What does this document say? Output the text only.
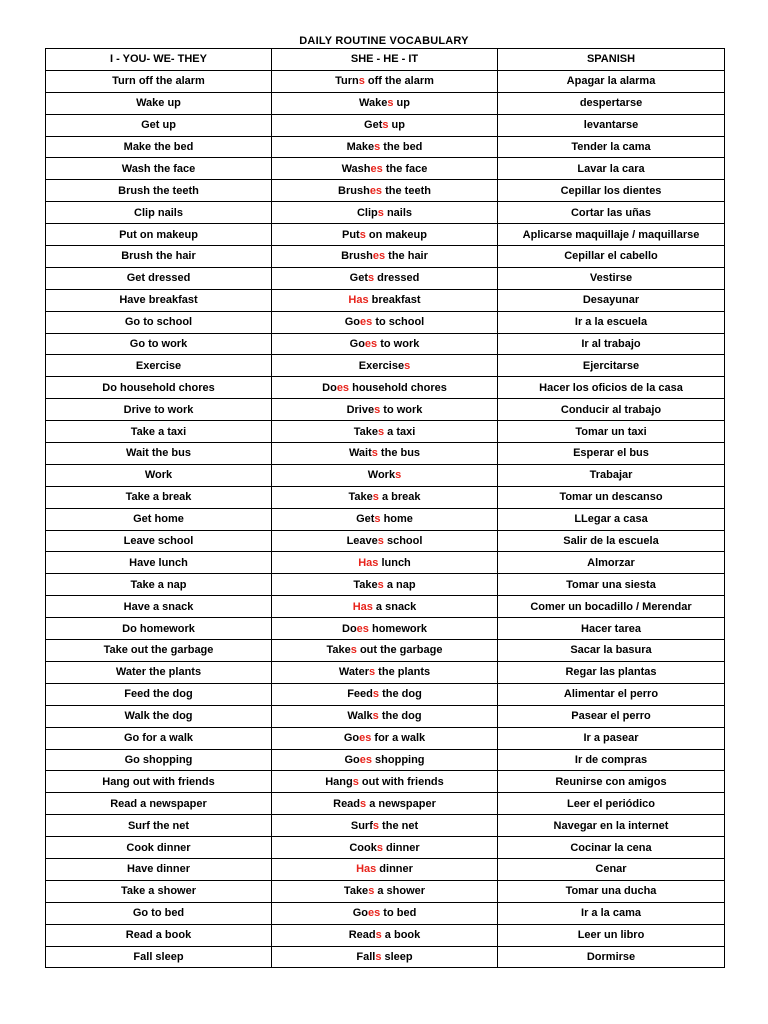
DAILY ROUTINE VOCABULARY
I - YOU- WE- THEY	SHE - HE - IT	SPANISH
Turn off the alarm	Turns off the alarm	Apagar la alarma
Wake up	Wakes up	despertarse
Get up	Gets up	levantarse
Make the bed	Makes the bed	Tender la cama
Wash the face	Washes the face	Lavar la cara
Brush the teeth	Brushes the teeth	Cepillar los dientes
Clip nails	Clips nails	Cortar las uñas
Put on makeup	Puts on makeup	Aplicarse maquillaje / maquillarse
Brush the hair	Brushes the hair	Cepillar el cabello
Get dressed	Gets dressed	Vestirse
Have breakfast	Has breakfast	Desayunar
Go to school	Goes to school	Ir a la escuela
Go to work	Goes to work	Ir al trabajo
Exercise	Exercises	Ejercitarse
Do household chores	Does household chores	Hacer los oficios de la casa
Drive to work	Drives to work	Conducir al trabajo
Take a taxi	Takes a taxi	Tomar un taxi
Wait the bus	Waits the bus	Esperar el bus
Work	Works	Trabajar
Take a break	Takes a break	Tomar un descanso
Get home	Gets home	LLegar a casa
Leave school	Leaves school	Salir de la escuela
Have lunch	Has lunch	Almorzar
Take a nap	Takes a nap	Tomar una siesta
Have a snack	Has a snack	Comer un bocadillo / Merendar
Do homework	Does homework	Hacer tarea
Take out the garbage	Takes out the garbage	Sacar la basura
Water the plants	Waters the plants	Regar las plantas
Feed the dog	Feeds the dog	Alimentar el perro
Walk the dog	Walks the dog	Pasear el perro
Go for a walk	Goes for a walk	Ir a pasear
Go shopping	Goes shopping	Ir de compras
Hang out with friends	Hangs out with friends	Reunirse con amigos
Read a newspaper	Reads a newspaper	Leer el periódico
Surf the net	Surfs the net	Navegar en la internet
Cook dinner	Cooks dinner	Cocinar la cena
Have dinner	Has dinner	Cenar
Take a shower	Takes a shower	Tomar una ducha
Go to bed	Goes to bed	Ir a la cama
Read a book	Reads a book	Leer un libro
Fall sleep	Falls sleep	Dormirse
